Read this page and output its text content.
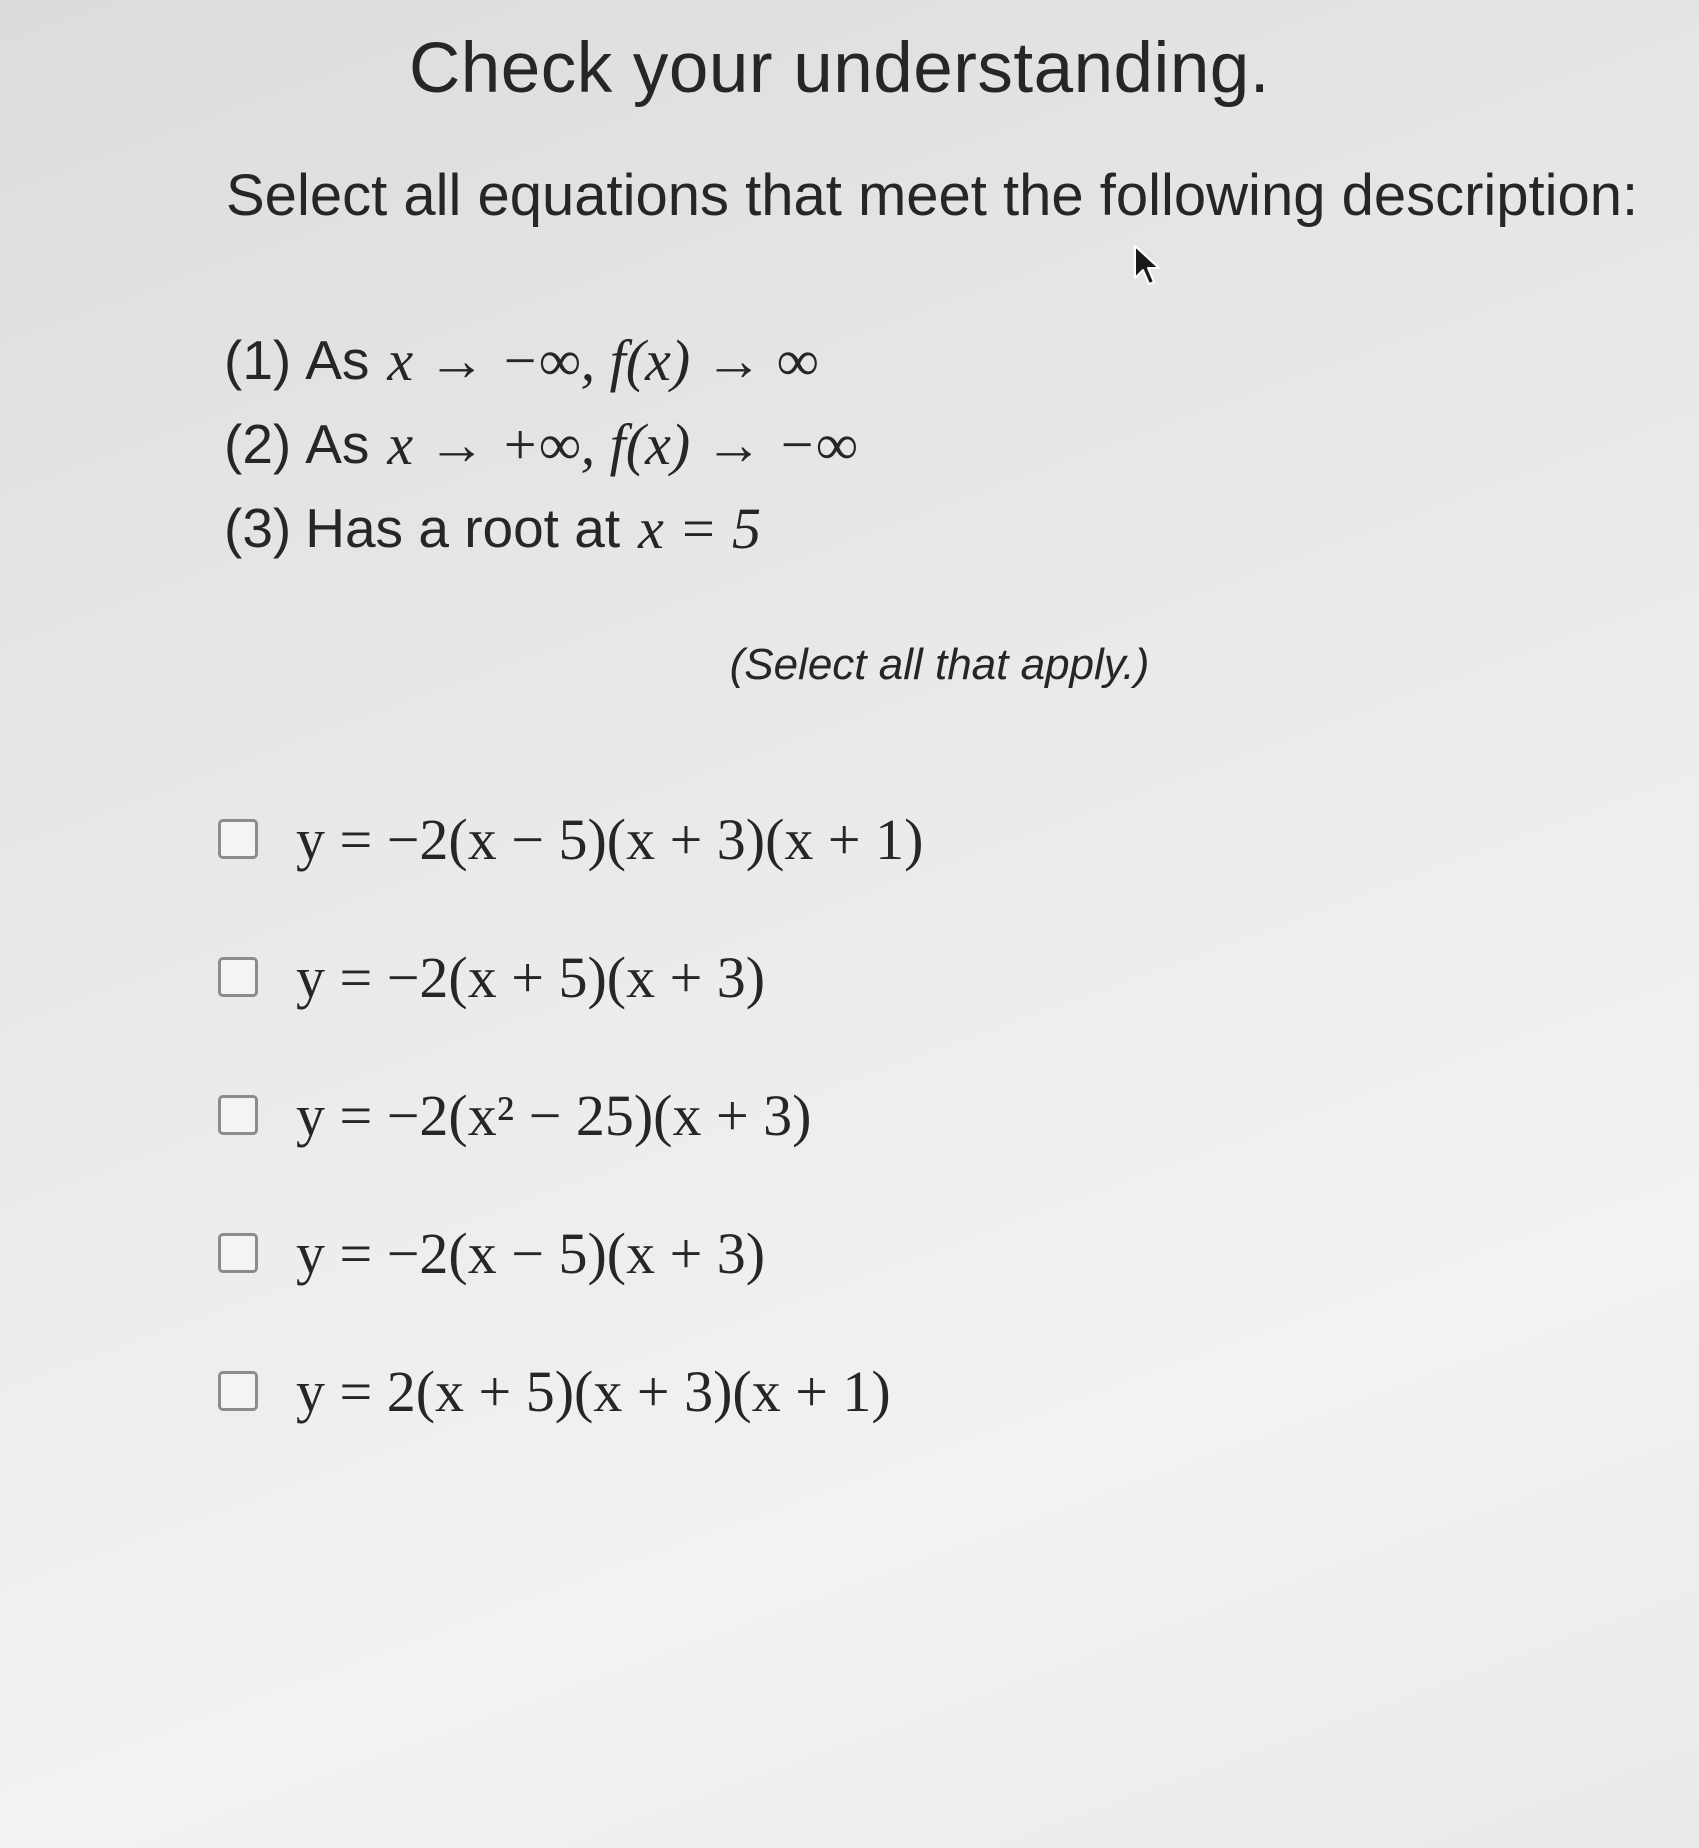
Check your understanding.

Select all equations that meet the following description:

(1) As x → −∞, f(x) → ∞
(2) As x → +∞, f(x) → −∞
(3) Has a root at x = 5
(Select all that apply.)
y = −2(x − 5)(x + 3)(x + 1)
y = −2(x + 5)(x + 3)
y = −2(x² − 25)(x + 3)
y = −2(x − 5)(x + 3)
y = 2(x + 5)(x + 3)(x + 1)
